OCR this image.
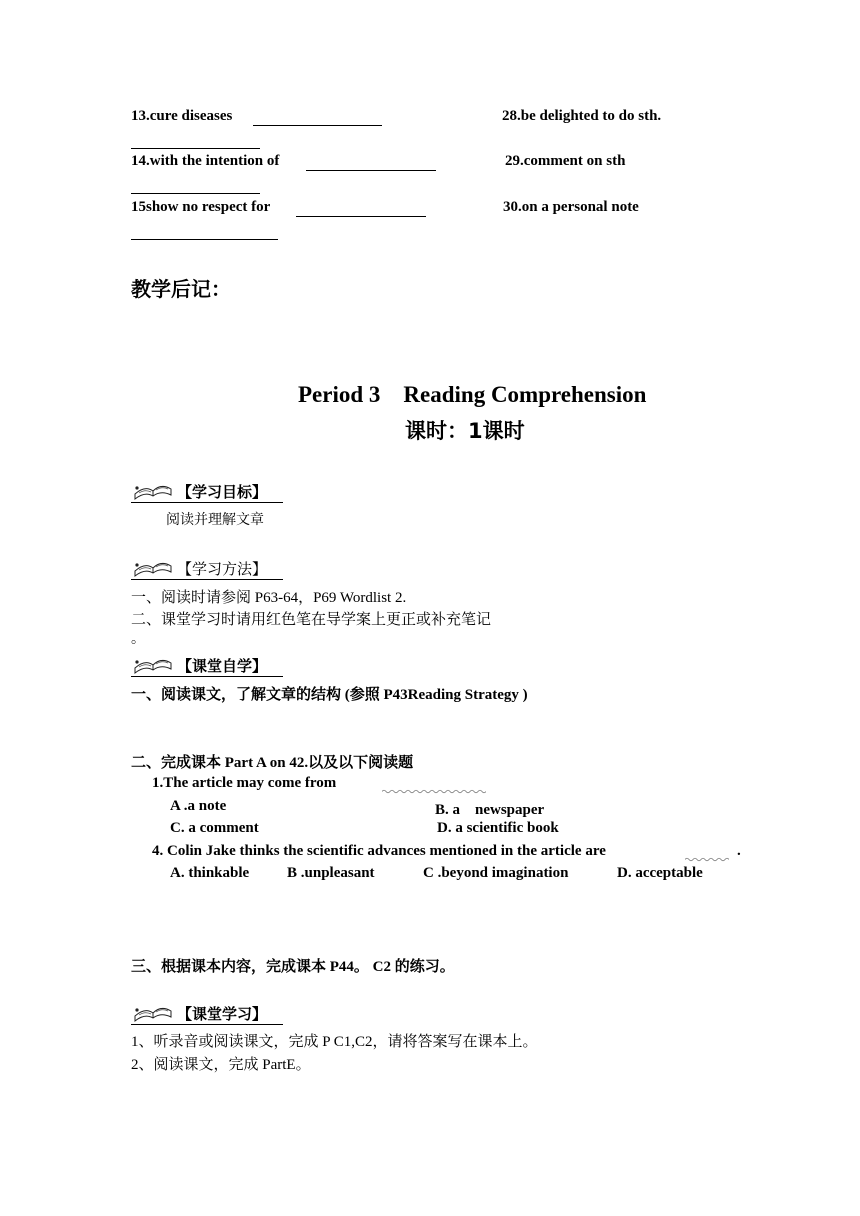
13.cure diseases	28.be delighted to do sth.
14.with the intention of	29.comment on sth
15show no respect for	30.on a personal note
教学后记：
Period 3　Reading Comprehension
课时：1课时
【学习目标】
阅读并理解文章
【学习方法】
一、阅读时请参阅 P63-64，P69 Wordlist 2.
二、课堂学习时请用红色笔在导学案上更正或补充笔记
。
【课堂自学】
一、阅读课文，了解文章的结构 (参照 P43Reading Strategy )
二、完成课本 Part A on 42.以及以下阅读题
1.The article may come from
A .a note	B. a　newspaper
C. a comment	D. a scientific book
4. Colin Jake thinks the scientific advances mentioned in the article are	.
A. thinkable	B .unpleasant	C .beyond imagination	D. acceptable
三、根据课本内容，完成课本 P44。 C2 的练习。
【课堂学习】
1、听录音或阅读课文，完成 P C1,C2，请将答案写在课本上。
2、阅读课文，完成 PartE。
